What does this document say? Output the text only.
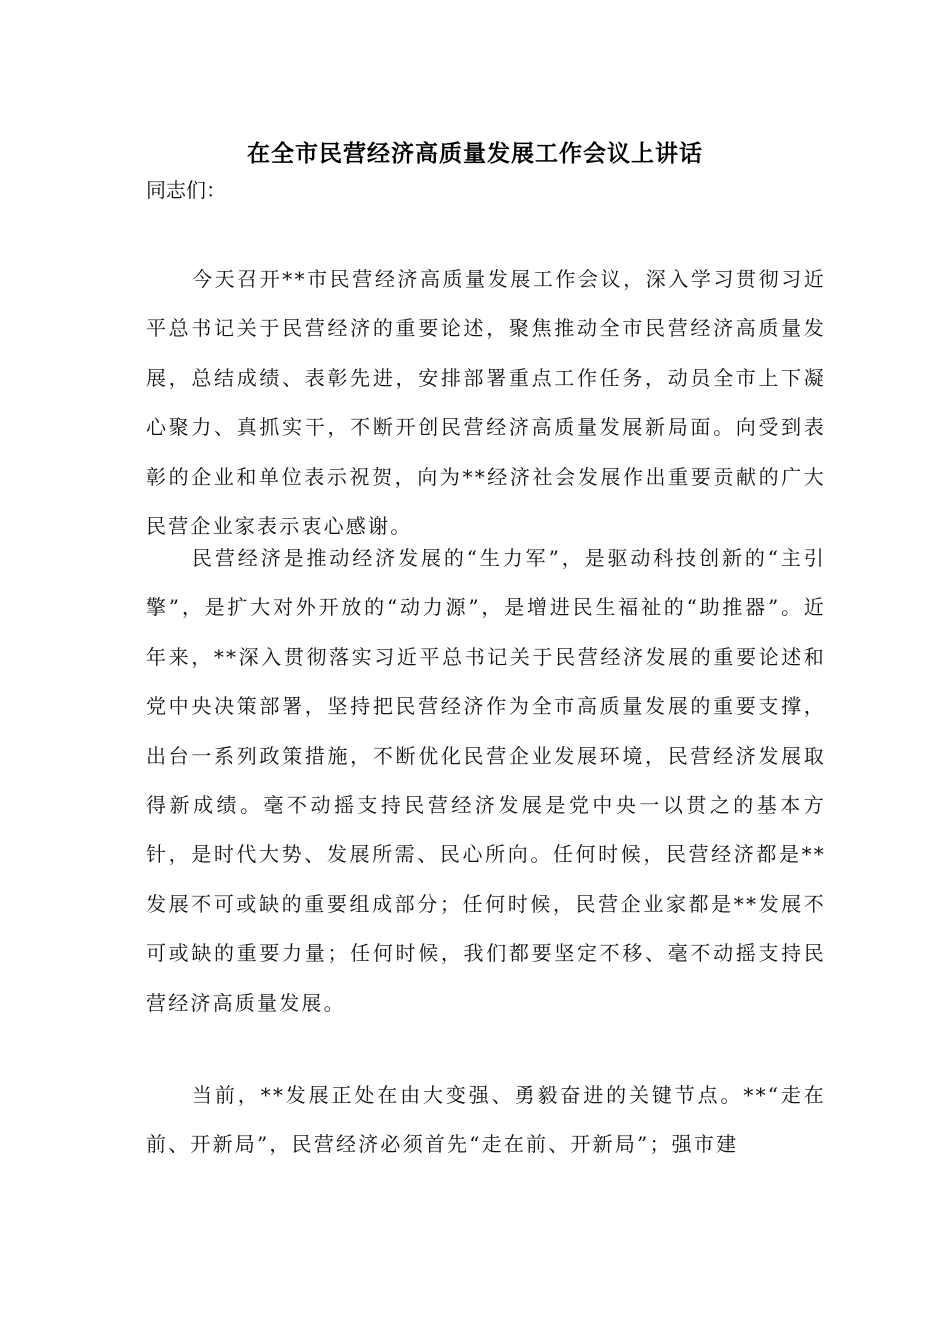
在全市民营经济高质量发展工作会议上讲话
同志们：

今天召开**市民营经济高质量发展工作会议，深入学习贯彻习近平总书记关于民营经济的重要论述，聚焦推动全市民营经济高质量发展，总结成绩、表彰先进，安排部署重点工作任务，动员全市上下凝心聚力、真抓实干，不断开创民营经济高质量发展新局面。向受到表彰的企业和单位表示祝贺，向为**经济社会发展作出重要贡献的广大民营企业家表示衷心感谢。

民营经济是推动经济发展的“生力军”，是驱动科技创新的“主引擎”，是扩大对外开放的“动力源”，是增进民生福祉的“助推器”。近年来，**深入贯彻落实习近平总书记关于民营经济发展的重要论述和党中央决策部署，坚持把民营经济作为全市高质量发展的重要支撑，出台一系列政策措施，不断优化民营企业发展环境，民营经济发展取得新成绩。毫不动摇支持民营经济发展是党中央一以贯之的基本方针，是时代大势、发展所需、民心所向。任何时候，民营经济都是**发展不可或缺的重要组成部分；任何时候，民营企业家都是**发展不可或缺的重要力量；任何时候，我们都要坚定不移、毫不动摇支持民营经济高质量发展。

当前，**发展正处在由大变强、勇毅奋进的关键节点。**“走在前、开新局”，民营经济必须首先“走在前、开新局”；强市建
